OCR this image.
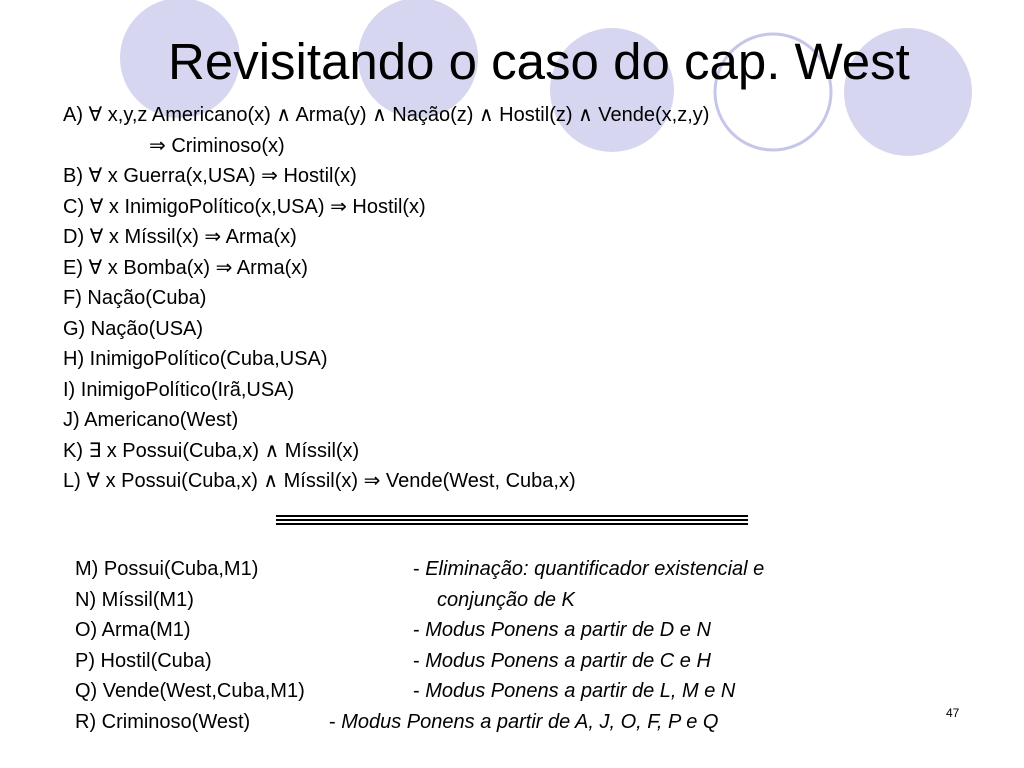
Revisitando o caso do cap. West
A) ∀ x,y,z Americano(x) ∧ Arma(y) ∧ Nação(z) ∧ Hostil(z) ∧ Vende(x,z,y)
⇒ Criminoso(x)
B) ∀ x Guerra(x,USA) ⇒ Hostil(x)
C) ∀ x InimigoPolítico(x,USA) ⇒ Hostil(x)
D) ∀ x Míssil(x) ⇒ Arma(x)
E) ∀ x Bomba(x) ⇒ Arma(x)
F) Nação(Cuba)
G) Nação(USA)
H) InimigoPolítico(Cuba,USA)
I) InimigoPolítico(Irã,USA)
J) Americano(West)
K) ∃ x Possui(Cuba,x) ∧ Míssil(x)
L) ∀ x Possui(Cuba,x) ∧ Míssil(x) ⇒ Vende(West, Cuba,x)
M) Possui(Cuba,M1)	- Eliminação: quantificador existencial e
N) Míssil(M1)	conjunção de K
O) Arma(M1)	- Modus Ponens a partir de D e N
P) Hostil(Cuba)	- Modus Ponens a partir de C e H
Q) Vende(West,Cuba,M1)	- Modus Ponens a partir de L, M e N
R) Criminoso(West)	- Modus Ponens a partir de A, J, O, F, P e Q	47
